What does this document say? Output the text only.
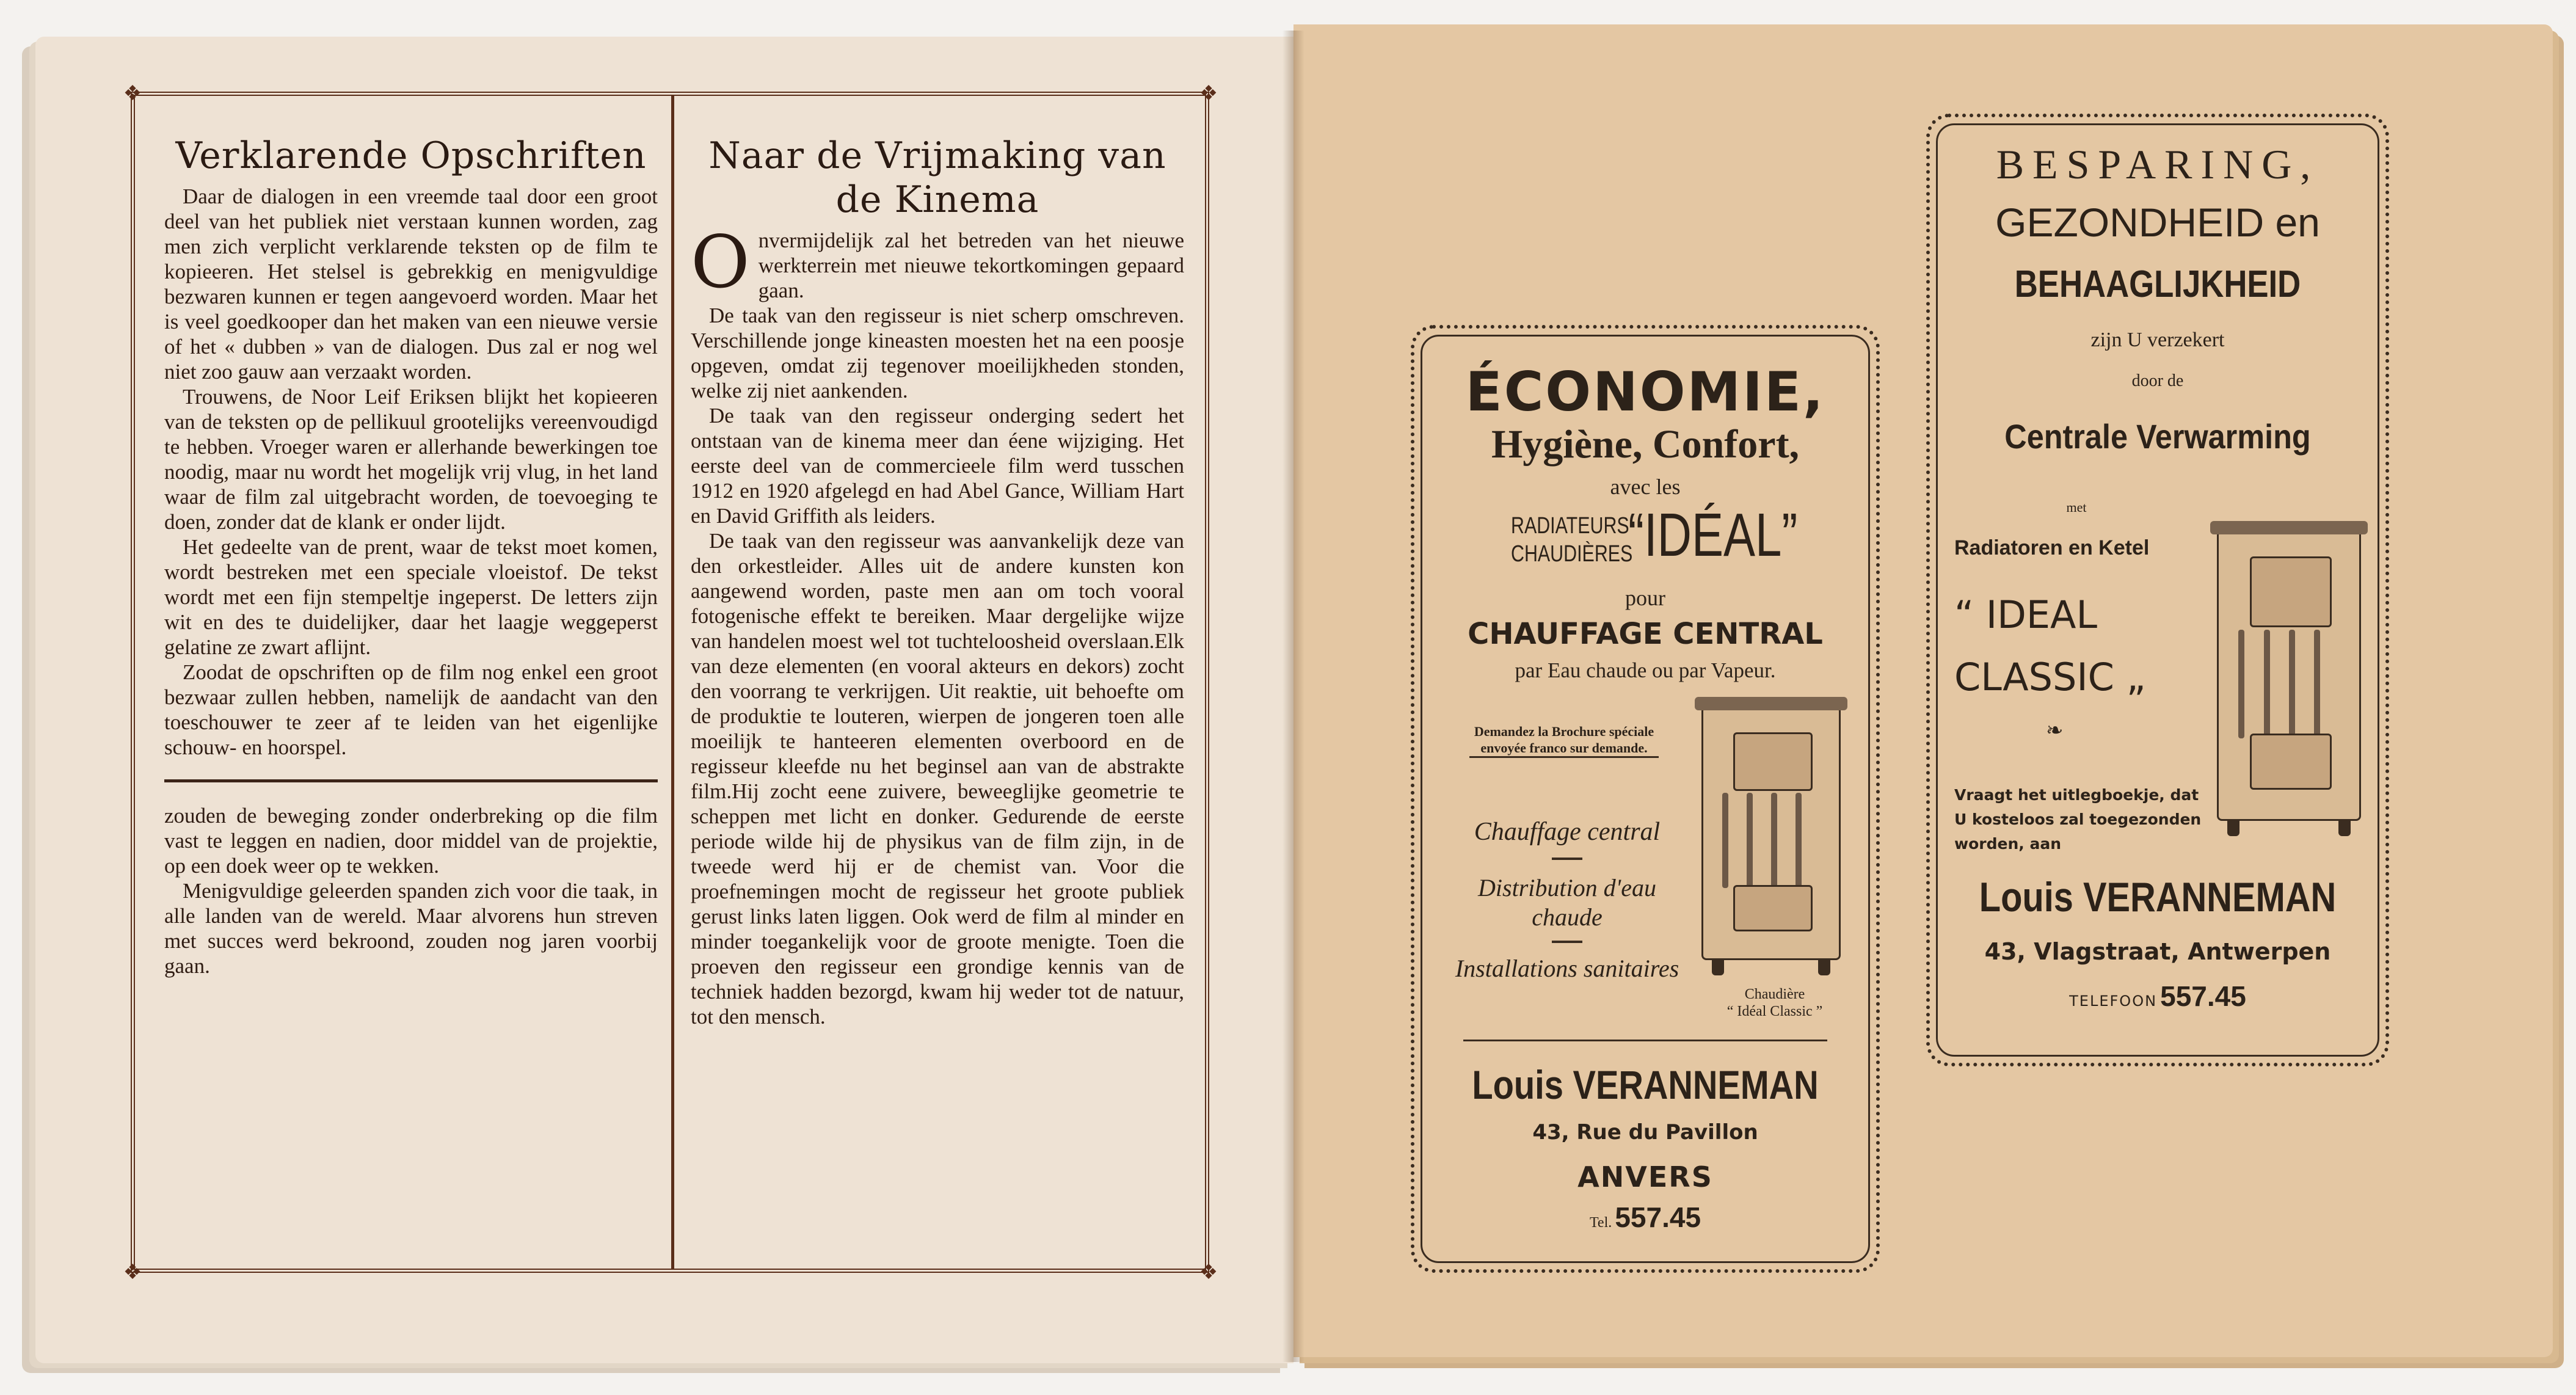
Verklarende Opschriften

Daar de dialogen in een vreemde taal door een groot deel van het publiek niet verstaan kunnen worden, zag men zich verplicht verklarende teksten op de film te kopieeren. Het stelsel is gebrekkig en menigvuldige bezwaren kunnen er tegen aangevoerd worden. Maar het is veel goedkooper dan het maken van een nieuwe versie of het « dubben » van de dialogen. Dus zal er nog wel niet zoo gauw aan verzaakt worden.

Trouwens, de Noor Leif Eriksen blijkt het kopieeren van de teksten op de pellikuul grootelijks vereenvoudigd te hebben. Vroeger waren er allerhande bewerkingen toe noodig, maar nu wordt het mogelijk vrij vlug, in het land waar de film zal uitgebracht worden, de toevoeging te doen, zonder dat de klank er onder lijdt.

Het gedeelte van de prent, waar de tekst moet komen, wordt bestreken met een speciale vloeistof. De tekst wordt met een fijn stempeltje ingeperst. De letters zijn wit en des te duidelijker, daar het laagje weggeperst gelatine ze zwart aflijnt.

Zoodat de opschriften op de film nog enkel een groot bezwaar zullen hebben, namelijk de aandacht van den toeschouwer te zeer af te leiden van het eigenlijke schouw- en hoorspel.

zouden de beweging zonder onderbreking op die film vast te leggen en nadien, door middel van de projektie, op een doek weer op te wekken.

Menigvuldige geleerden spanden zich voor die taak, in alle landen van de wereld. Maar alvorens hun streven met succes werd bekroond, zouden nog jaren voorbij gaan.

Naar de Vrijmaking van de Kinema

Onvermijdelijk zal het betreden van het nieuwe werkterrein met nieuwe tekortkomingen gepaard gaan.

De taak van den regisseur is niet scherp omschreven. Verschillende jonge kineasten moesten het na een poosje opgeven, omdat zij tegenover moeilijkheden stonden, welke zij niet aankenden.

De taak van den regisseur onderging sedert het ontstaan van de kinema meer dan éene wijziging. Het eerste deel van de commercieele film werd tusschen 1912 en 1920 afgelegd en had Abel Gance, William Hart en David Griffith als leiders.

De taak van den regisseur was aanvankelijk deze van den orkestleider. Alles uit de andere kunsten kon aangewend worden, paste men aan om toch vooral fotogenische effekt te bereiken. Maar dergelijke wijze van handelen moest wel tot tuchteloosheid overslaan.Elk van deze elementen (en vooral akteurs en dekors) zocht den voorrang te verkrijgen. Uit reaktie, uit behoefte om de produktie te louteren, wierpen de jongeren toen alle moeilijk te hanteeren elementen overboord en de regisseur kleefde nu het beginsel aan van de abstrakte film.Hij zocht eene zuivere, beweeglijke geometrie te scheppen met licht en donker. Gedurende de eerste periode wilde hij de physikus van de film zijn, in de tweede werd hij er de chemist van. Voor die proefnemingen mocht de regisseur het groote publiek gerust links laten liggen. Ook werd de film al minder en minder toegankelijk voor de groote menigte. Toen die proeven den regisseur een grondige kennis van de techniek hadden bezorgd, kwam hij weder tot de natuur, tot den mensch.

❖	❖
❖	❖
ÉCONOMIE,
Hygiène, Confort,
avec les
RADIATEURS
CHAUDIÈRES
“IDÉAL”
pour
CHAUFFAGE CENTRAL
par Eau chaude ou par Vapeur.
Demandez la Brochure spéciale envoyée franco sur demande.
Chauffage central
Distribution d'eau chaude
Installations sanitaires
Chaudière
“ Idéal Classic ”
Louis VERANNEMAN
43, Rue du Pavillon
ANVERS
Tel. 557.45
BESPARING,
GEZONDHEID en
BEHAAGLIJKHEID
zijn U verzekert
door de
Centrale Verwarming
met
Radiatoren en Ketel
“ IDEAL
CLASSIC „
❧
Vraagt het uitlegboekje, dat U kosteloos zal toegezonden worden, aan
Louis VERANNEMAN
43, Vlagstraat, Antwerpen
TELEFOON 557.45
